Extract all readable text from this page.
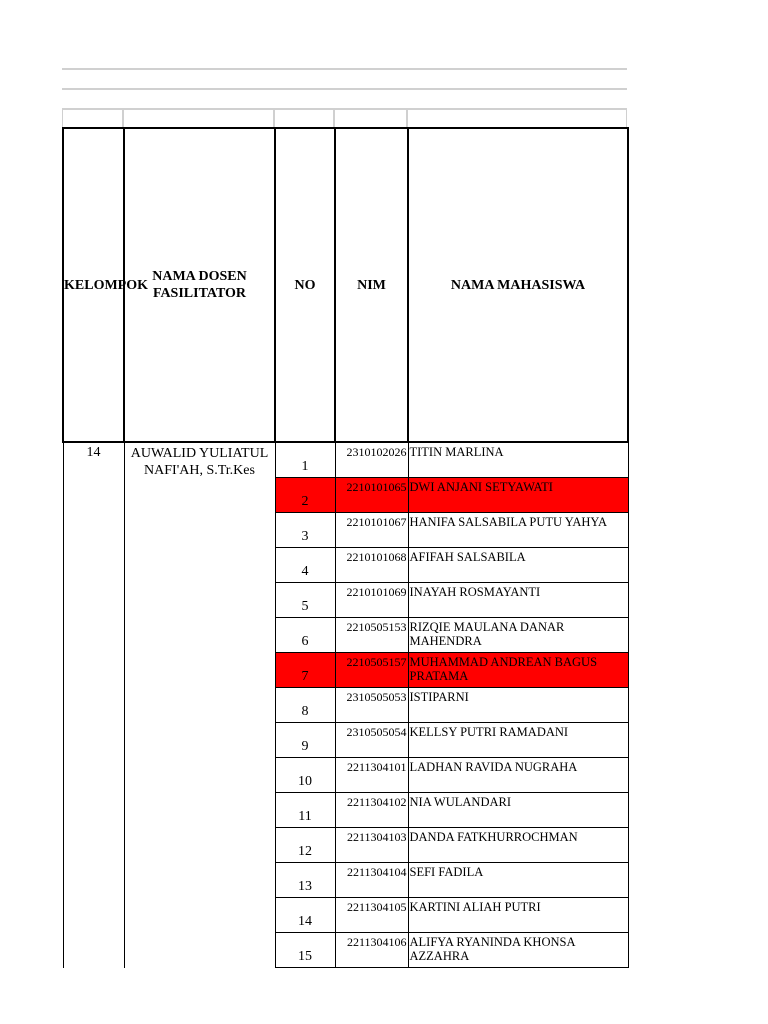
KELOMPOK	NAMA DOSEN FASILITATOR	NO	NIM	NAMA MAHASISWA
14	AUWALID YULIATUL NAFI'AH, S.Tr.Kes	1	2310102026	TITIN MARLINA
		2	2210101065	DWI ANJANI SETYAWATI
		3	2210101067	HANIFA SALSABILA PUTU YAHYA
		4	2210101068	AFIFAH SALSABILA
		5	2210101069	INAYAH ROSMAYANTI
		6	2210505153	RIZQIE MAULANA DANAR MAHENDRA
		7	2210505157	MUHAMMAD ANDREAN BAGUS PRATAMA
		8	2310505053	ISTIPARNI
		9	2310505054	KELLSY PUTRI RAMADANI
		10	2211304101	LADHAN RAVIDA NUGRAHA
		11	2211304102	NIA WULANDARI
		12	2211304103	DANDA FATKHURROCHMAN
		13	2211304104	SEFI FADILA
		14	2211304105	KARTINI ALIAH PUTRI
		15	2211304106	ALIFYA RYANINDA KHONSA AZZAHRA
